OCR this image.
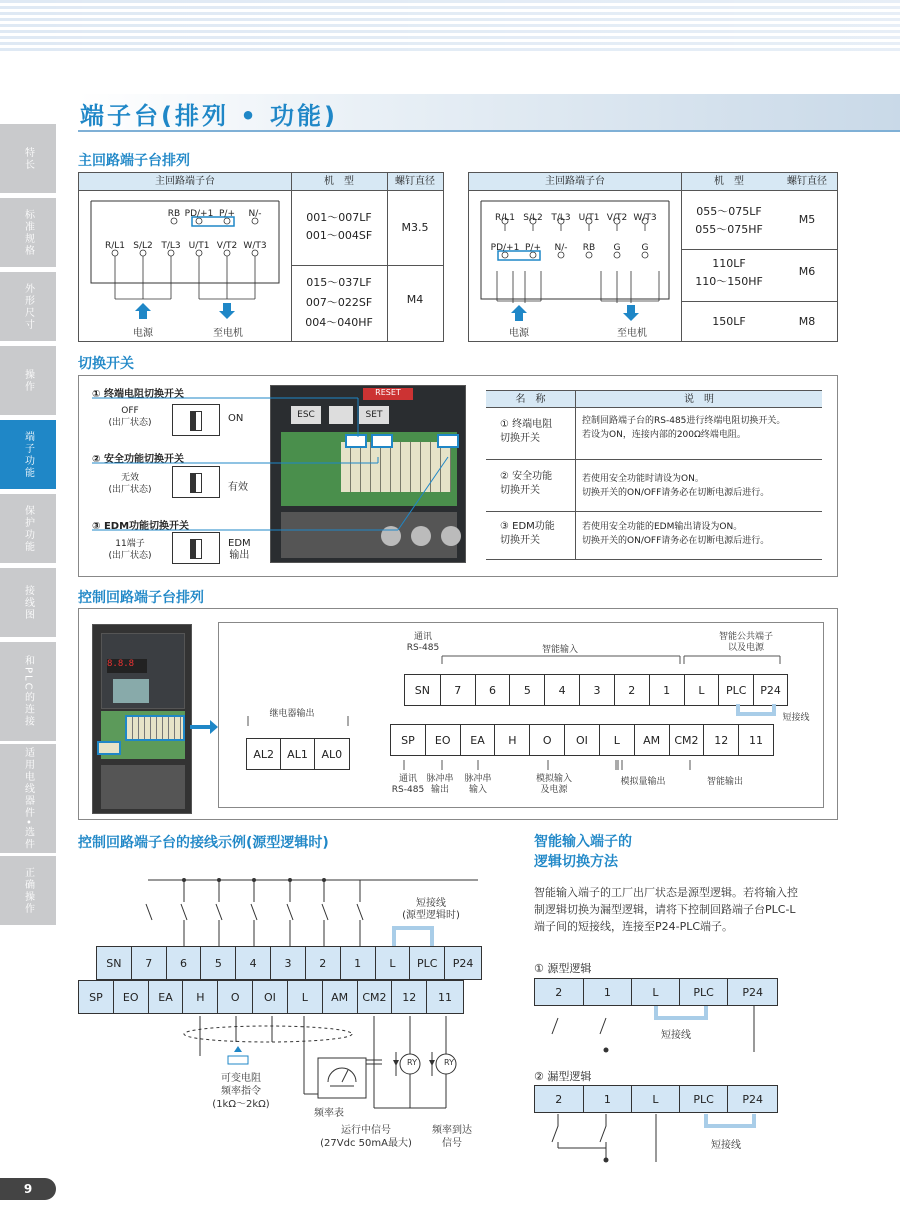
特长
标准规格
外形尺寸
操作
端子功能
保护功能
接线图
和PLC的连接
适用电线器件•选件
正确操作
9
端子台(排列 • 功能)
主回路端子台排列
主回路端子台	机　型	螺钉直径
RB PD/+1 P/+	N/-
R/L1 S/L2 T/L3 U/T1 V/T2 W/T3
电源	至电机
001～007LF
001～004SF
M3.5
015～037LF
007～022SF
004～040HF
M4
主回路端子台	机　型	螺钉直径
R/L1 S/L2 T/L3 U/T1 V/T2 W/T3
PD/+1 P/+	N/-	RB	G	G
电源	至电机
055～075LF
055～075HF
M5
110LF
110～150HF
M6
150LF	M8
切换开关
① 终端电阻切换开关
OFF
(出厂状态)	ON
② 安全功能切换开关
无效
(出厂状态)	有效
③ EDM功能切换开关
11端子
(出厂状态)
EDM
输出
RESET
ESC	SET
名　称	说　明
① 终端电阻
切换开关
控制回路端子台的RS-485进行终端电阻切换开关。
若设为ON，连接内部的200Ω终端电阻。
② 安全功能
切换开关
若使用安全功能时请设为ON。
切换开关的ON/OFF请务必在切断电源后进行。
③ EDM功能
切换开关
若使用安全功能的EDM输出请设为ON。
切换开关的ON/OFF请务必在切断电源后进行。
控制回路端子台排列
8.8.8
通讯
RS-485	智能输入
智能公共端子
以及电源
SN	7	6	5	4	3	2	1	L	PLC	P24
短接线
SP	EO	EA	H	O	OI	L	AM	CM2	12	11
继电器输出
AL2	AL1	AL0
通讯
RS-485
脉冲串
输出
脉冲串
输入
模拟输入
及电源
模拟量输出	智能输出
控制回路端子台的接线示例(源型逻辑时)
短接线
(源型逻辑时)
SN	7	6	5	4	3	2	1	L	PLC	P24
SP	EO	EA	H	O	OI	L	AM	CM2	12	11
RY	RY
可变电阻
频率指令
(1kΩ～2kΩ)
频率表
运行中信号
(27Vdc 50mA最大)
频率到达
信号
智能输入端子的
逻辑切换方法
智能输入端子的工厂出厂状态是源型逻辑。若将输入控制逻辑切换为漏型逻辑，请将下控制回路端子台PLC-L端子间的短接线，连接至P24-PLC端子。
① 源型逻辑
2	1	L	PLC	P24
短接线
② 漏型逻辑
2	1	L	PLC	P24
短接线
